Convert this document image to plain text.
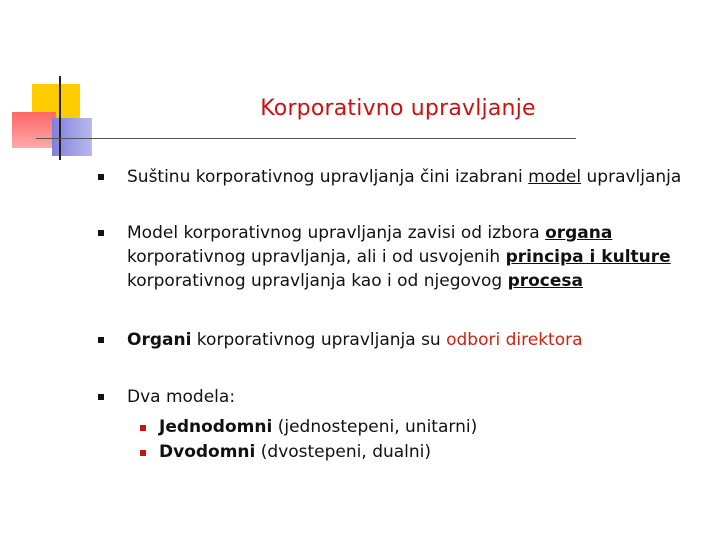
Korporativno upravljanje
Suštinu korporativnog upravljanja čini izabrani model upravljanja
Model korporativnog upravljanja zavisi od izbora organa
korporativnog upravljanja, ali i od usvojenih principa i kulture
korporativnog upravljanja kao i od njegovog procesa
Organi korporativnog upravljanja su odbori direktora
Dva modela:
Jednodomni (jednostepeni, unitarni)
Dvodomni (dvostepeni, dualni)
